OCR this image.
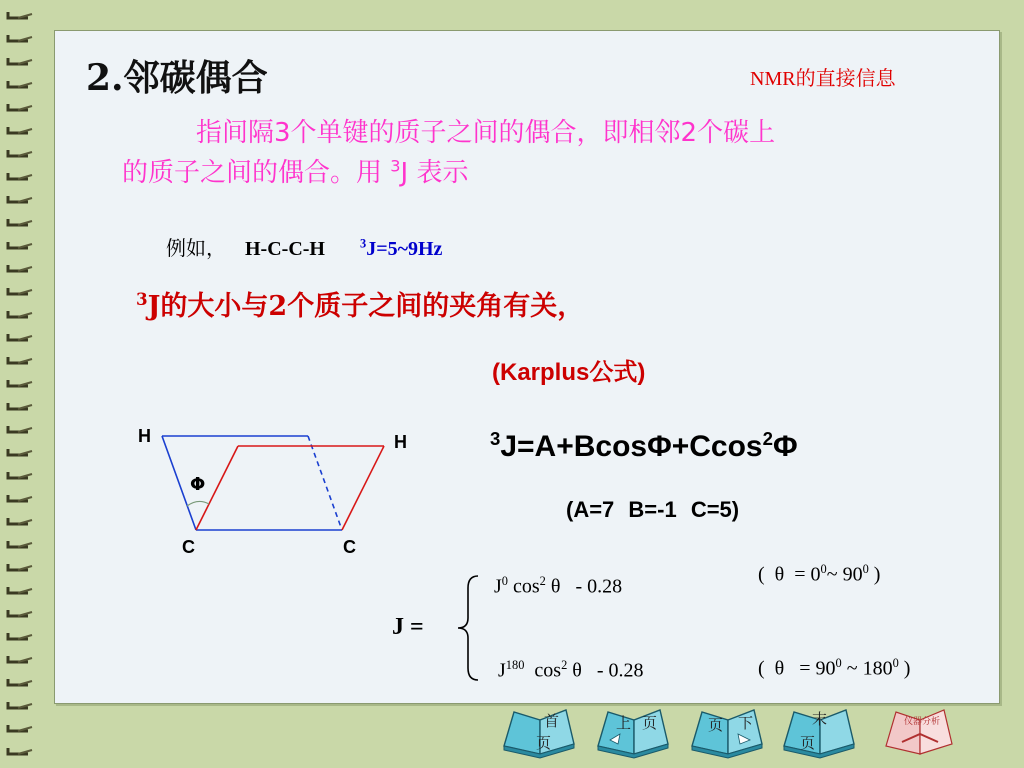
2.邻碳偶合	NMR的直接信息
指间隔3个单键的质子之间的偶合，即相邻2个碳上
的质子之间的偶合。用 $^3$J 表示
例如， H-C-C-H	$^3$J=5~9Hz
$^3$J的大小与2个质子之间的夹角有关，
(Karplus公式)
$^3$J=A+BcosΦ+Ccos$^2$Φ
(A=7 B=-1 C=5)
H	H
Φ
C	C
J =
$J^0$ $\cos^2 \theta - 0.28$
( $\theta = 0^0\sim$ $90^0$ )
$J^{180}$ $\cos^2 \theta - 0.28$	( $\theta = 90^0$ ~ $180^0$ )
首
页
上 页	页 下	末
页
仪器分析
